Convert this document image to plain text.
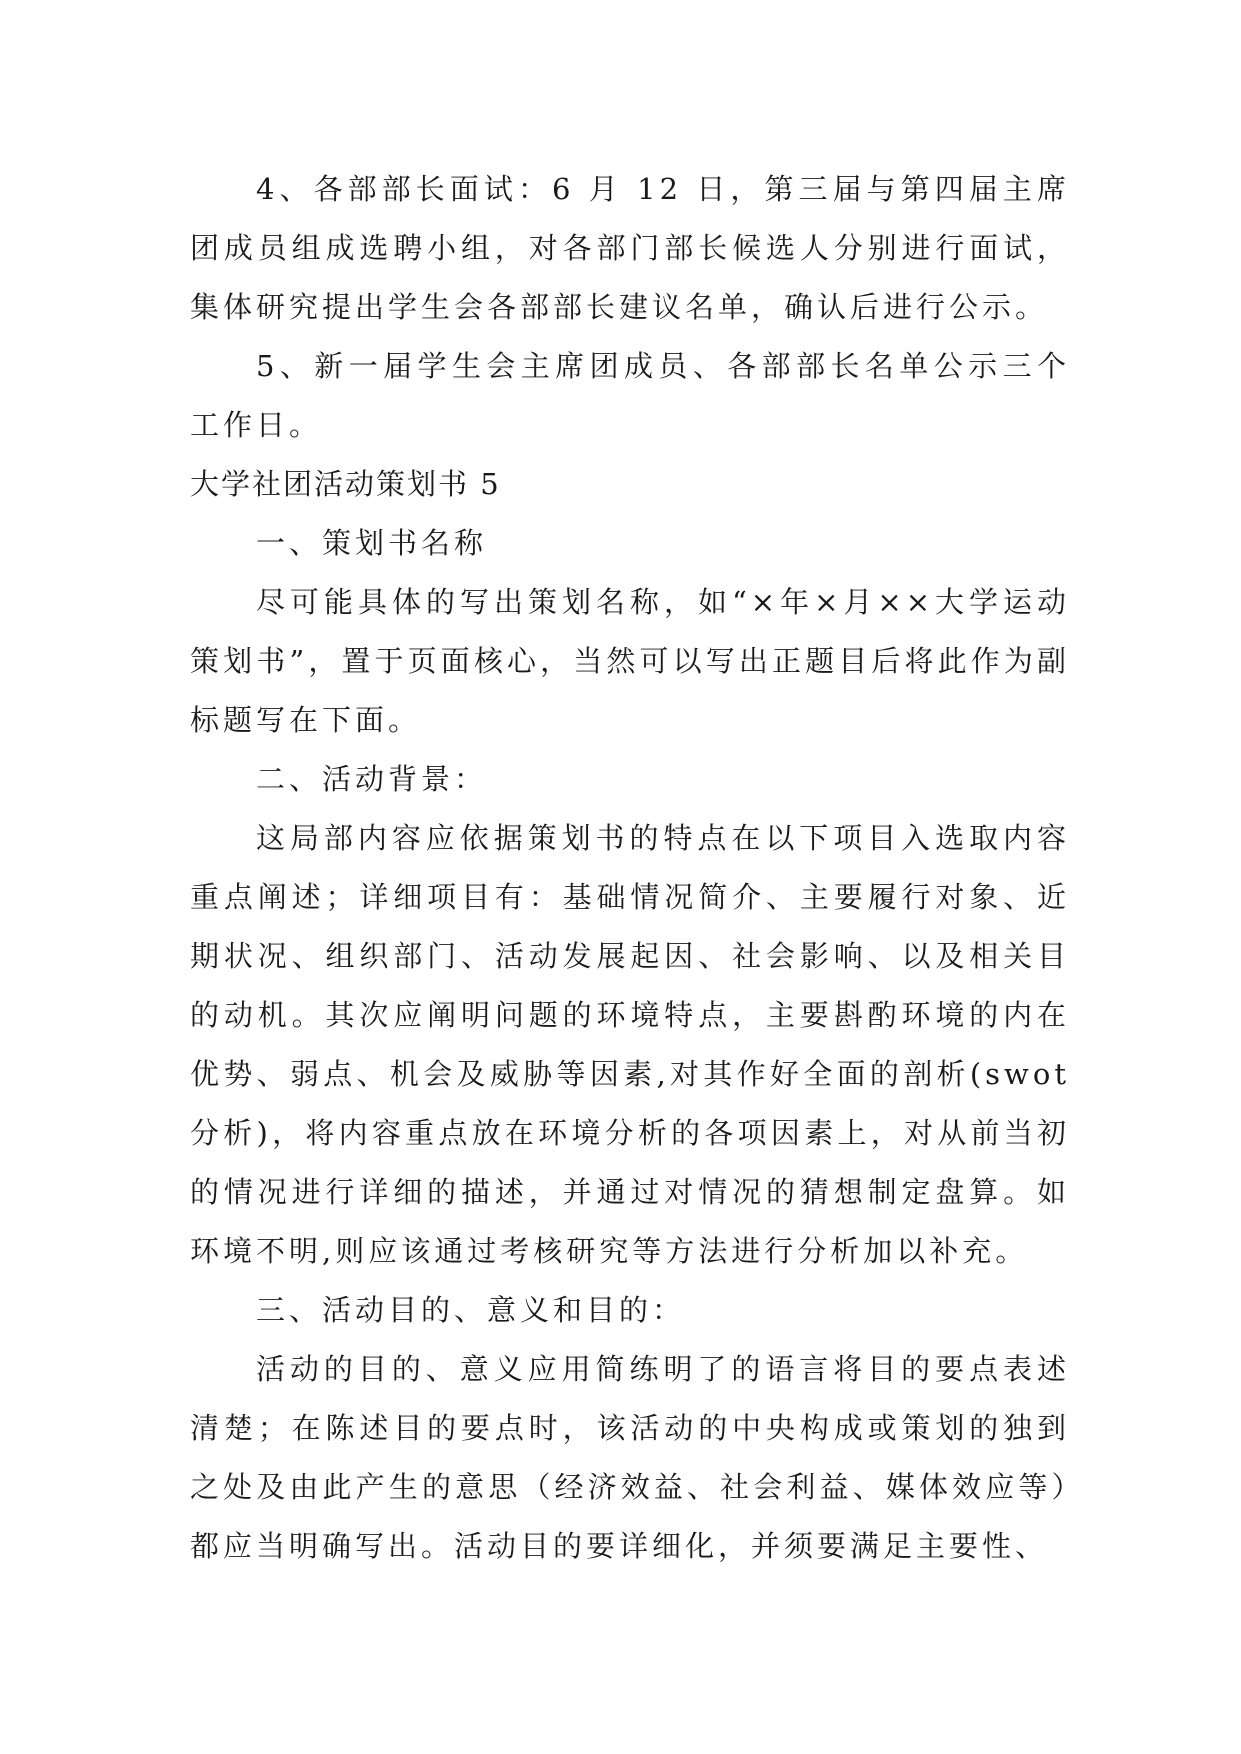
4、各部部长面试：6 月 12 日，第三届与第四届主席团成员组成选聘小组，对各部门部长候选人分别进行面试，集体研究提出学生会各部部长建议名单，确认后进行公示。

5、新一届学生会主席团成员、各部部长名单公示三个工作日。

大学社团活动策划书 5

一、策划书名称

尽可能具体的写出策划名称，如“×年×月××大学运动策划书”，置于页面核心，当然可以写出正题目后将此作为副标题写在下面。

二、活动背景：

这局部内容应依据策划书的特点在以下项目入选取内容重点阐述；详细项目有：基础情况简介、主要履行对象、近期状况、组织部门、活动发展起因、社会影响、以及相关目的动机。其次应阐明问题的环境特点，主要斟酌环境的内在优势、弱点、机会及威胁等因素,对其作好全面的剖析(swot分析)，将内容重点放在环境分析的各项因素上，对从前当初的情况进行详细的描述，并通过对情况的猜想制定盘算。如环境不明,则应该通过考核研究等方法进行分析加以补充。

三、活动目的、意义和目的：

活动的目的、意义应用简练明了的语言将目的要点表述清楚；在陈述目的要点时，该活动的中央构成或策划的独到之处及由此产生的意思（经济效益、社会利益、媒体效应等）都应当明确写出。活动目的要详细化，并须要满足主要性、
